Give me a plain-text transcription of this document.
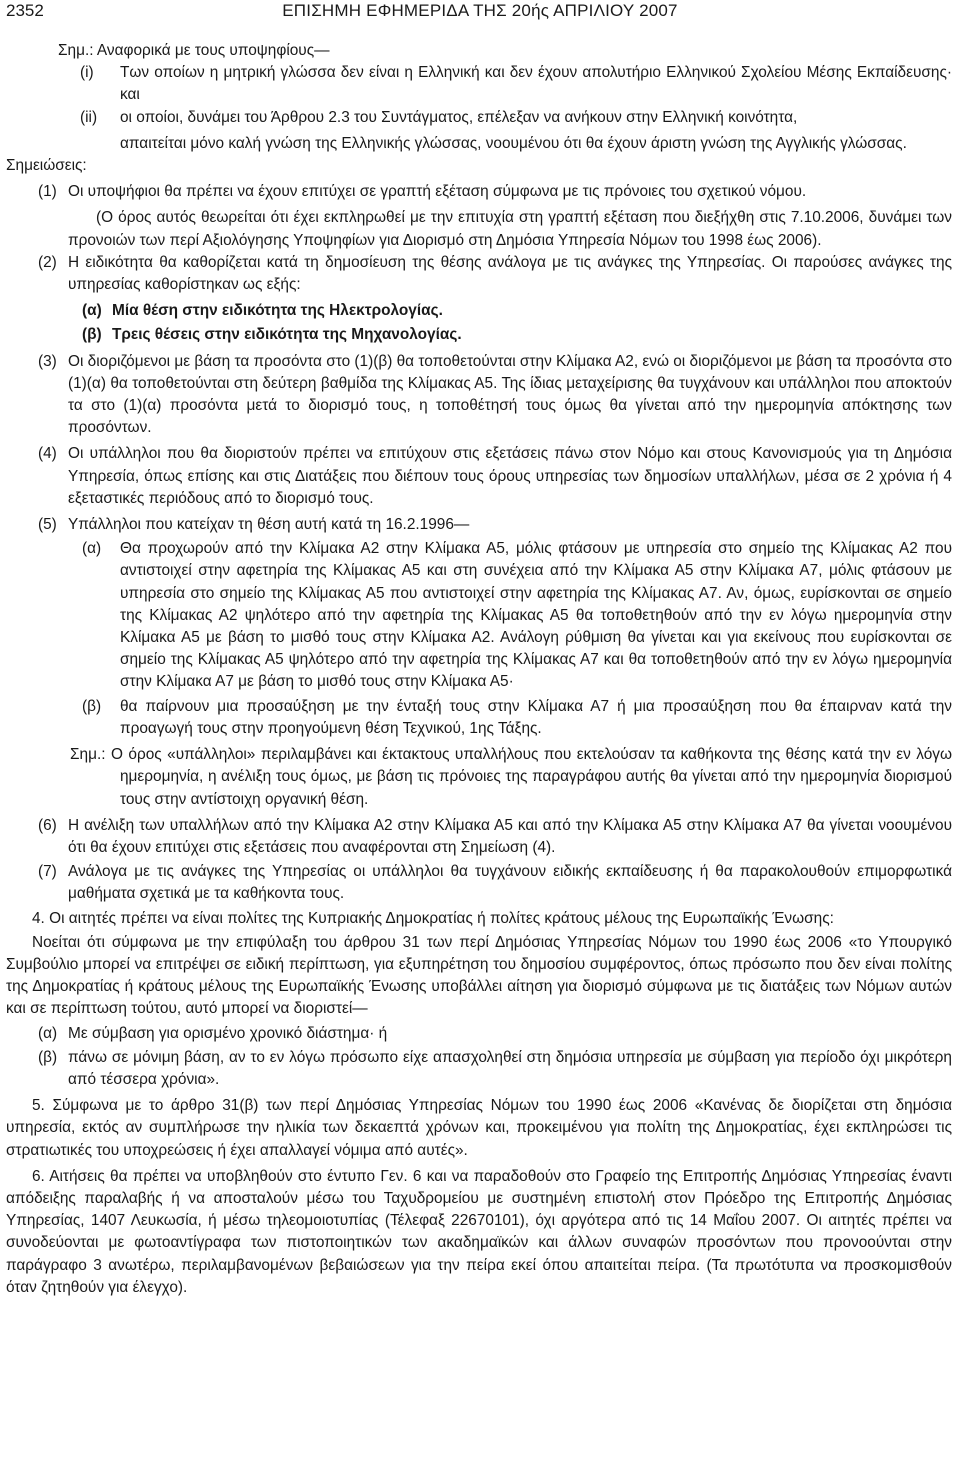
2352	ΕΠΙΣΗΜΗ ΕΦΗΜΕΡΙΔΑ ΤΗΣ 20ής ΑΠΡΙΛΙΟΥ 2007
Σημ.: Αναφορικά με τους υποψηφίους—
(i)	Των οποίων η μητρική γλώσσα δεν είναι η Ελληνική και δεν έχουν απολυτήριο Ελληνικού Σχολείου Μέσης Εκπαίδευσης· και
(ii)	οι οποίοι, δυνάμει του Άρθρου 2.3 του Συντάγματος, επέλεξαν να ανήκουν στην Ελληνική κοινότητα,
απαιτείται μόνο καλή γνώση της Ελληνικής γλώσσας, νοουμένου ότι θα έχουν άριστη γνώση της Αγγλικής γλώσσας.
Σημειώσεις:
(1) Οι υποψήφιοι θα πρέπει να έχουν επιτύχει σε γραπτή εξέταση σύμφωνα με τις πρόνοιες του σχετικού νόμου.
(Ο όρος αυτός θεωρείται ότι έχει εκπληρωθεί με την επιτυχία στη γραπτή εξέταση που διεξήχθη στις 7.10.2006, δυνάμει των προνοιών των περί Αξιολόγησης Υποψηφίων για Διορισμό στη Δημόσια Υπηρεσία Νόμων του 1998 έως 2006).
(2) Η ειδικότητα θα καθορίζεται κατά τη δημοσίευση της θέσης ανάλογα με τις ανάγκες της Υπηρεσίας. Οι παρούσες ανάγκες της υπηρεσίας καθορίστηκαν ως εξής:
(α) Μία θέση στην ειδικότητα της Ηλεκτρολογίας.
(β) Τρεις θέσεις στην ειδικότητα της Μηχανολογίας.
(3) Οι διοριζόμενοι με βάση τα προσόντα στο (1)(β) θα τοποθετούνται στην Κλίμακα Α2, ενώ οι διοριζόμενοι με βάση τα προσόντα στο (1)(α) θα τοποθετούνται στη δεύτερη βαθμίδα της Κλίμακας Α5. Της ίδιας μεταχείρισης θα τυγχάνουν και υπάλληλοι που αποκτούν τα στο (1)(α) προσόντα μετά το διορισμό τους, η τοποθέτησή τους όμως θα γίνεται από την ημερομηνία απόκτησης των προσόντων.
(4) Οι υπάλληλοι που θα διοριστούν πρέπει να επιτύχουν στις εξετάσεις πάνω στον Νόμο και στους Κανονισμούς για τη Δημόσια Υπηρεσία, όπως επίσης και στις Διατάξεις που διέπουν τους όρους υπηρεσίας των δημοσίων υπαλλήλων, μέσα σε 2 χρόνια ή 4 εξεταστικές περιόδους από το διορισμό τους.
(5) Υπάλληλοι που κατείχαν τη θέση αυτή κατά τη 16.2.1996—
(α)	Θα προχωρούν από την Κλίμακα Α2 στην Κλίμακα Α5, μόλις φτάσουν με υπηρεσία στο σημείο της Κλίμακας Α2 που αντιστοιχεί στην αφετηρία της Κλίμακας Α5 και στη συνέχεια από την Κλίμακα Α5 στην Κλίμακα Α7, μόλις φτάσουν με υπηρεσία στο σημείο της Κλίμακας Α5 που αντιστοιχεί στην αφετηρία της Κλίμακας Α7. Αν, όμως, ευρίσκονται σε σημείο της Κλίμακας Α2 ψηλότερο από την αφετηρία της Κλίμακας Α5 θα τοποθετηθούν από την εν λόγω ημερομηνία στην Κλίμακα Α5 με βάση το μισθό τους στην Κλίμακα Α2. Ανάλογη ρύθμιση θα γίνεται και για εκείνους που ευρίσκονται σε σημείο της Κλίμακας Α5 ψηλότερο από την αφετηρία της Κλίμακας Α7 και θα τοποθετηθούν από την εν λόγω ημερομηνία στην Κλίμακα Α7 με βάση το μισθό τους στην Κλίμακα Α5·
(β)	θα παίρνουν μια προσαύξηση με την ένταξή τους στην Κλίμακα Α7 ή μια προσαύξηση που θα έπαιρναν κατά την προαγωγή τους στην προηγούμενη θέση Τεχνικού, 1ης Τάξης.
Σημ.: Ο όρος «υπάλληλοι» περιλαμβάνει και έκτακτους υπαλλήλους που εκτελούσαν τα καθήκοντα της θέσης κατά την εν λόγω ημερομηνία, η ανέλιξη τους όμως, με βάση τις πρόνοιες της παραγράφου αυτής θα γίνεται από την ημερομηνία διορισμού τους στην αντίστοιχη οργανική θέση.
(6) Η ανέλιξη των υπαλλήλων από την Κλίμακα Α2 στην Κλίμακα Α5 και από την Κλίμακα Α5 στην Κλίμακα Α7 θα γίνεται νοουμένου ότι θα έχουν επιτύχει στις εξετάσεις που αναφέρονται στη Σημείωση (4).
(7) Ανάλογα με τις ανάγκες της Υπηρεσίας οι υπάλληλοι θα τυγχάνουν ειδικής εκπαίδευσης ή θα παρακολουθούν επιμορφωτικά μαθήματα σχετικά με τα καθήκοντα τους.
4. Οι αιτητές πρέπει να είναι πολίτες της Κυπριακής Δημοκρατίας ή πολίτες κράτους μέλους της Ευρωπαϊκής Ένωσης:
Νοείται ότι σύμφωνα με την επιφύλαξη του άρθρου 31 των περί Δημόσιας Υπηρεσίας Νόμων του 1990 έως 2006 «το Υπουργικό Συμβούλιο μπορεί να επιτρέψει σε ειδική περίπτωση, για εξυπηρέτηση του δημοσίου συμφέροντος, όπως πρόσωπο που δεν είναι πολίτης της Δημοκρατίας ή κράτους μέλους της Ευρωπαϊκής Ένωσης υποβάλλει αίτηση για διορισμό σύμφωνα με τις διατάξεις των Νόμων αυτών και σε περίπτωση τούτου, αυτό μπορεί να διοριστεί—
(α) Με σύμβαση για ορισμένο χρονικό διάστημα· ή
(β) πάνω σε μόνιμη βάση, αν το εν λόγω πρόσωπο είχε απασχοληθεί στη δημόσια υπηρεσία με σύμβαση για περίοδο όχι μικρότερη από τέσσερα χρόνια».
5. Σύμφωνα με το άρθρο 31(β) των περί Δημόσιας Υπηρεσίας Νόμων του 1990 έως 2006 «Κανένας δε διορίζεται στη δημόσια υπηρεσία, εκτός αν συμπλήρωσε την ηλικία των δεκαεπτά χρόνων και, προκειμένου για πολίτη της Δημοκρατίας, έχει εκπληρώσει τις στρατιωτικές του υποχρεώσεις ή έχει απαλλαγεί νόμιμα από αυτές».
6. Αιτήσεις θα πρέπει να υποβληθούν στο έντυπο Γεν. 6 και να παραδοθούν στο Γραφείο της Επιτροπής Δημόσιας Υπηρεσίας έναντι απόδειξης παραλαβής ή να αποσταλούν μέσω του Ταχυδρομείου με συστημένη επιστολή στον Πρόεδρο της Επιτροπής Δημόσιας Υπηρεσίας, 1407 Λευκωσία, ή μέσω τηλεομοιοτυπίας (Τέλεφαξ 22670101), όχι αργότερα από τις 14 Μαΐου 2007. Οι αιτητές πρέπει να συνοδεύονται με φωτοαντίγραφα των πιστοποιητικών των ακαδημαϊκών και άλλων συναφών προσόντων που προνοούνται στην παράγραφο 3 ανωτέρω, περιλαμβανομένων βεβαιώσεων για την πείρα εκεί όπου απαιτείται πείρα. (Τα πρωτότυπα να προσκομισθούν όταν ζητηθούν για έλεγχο).
